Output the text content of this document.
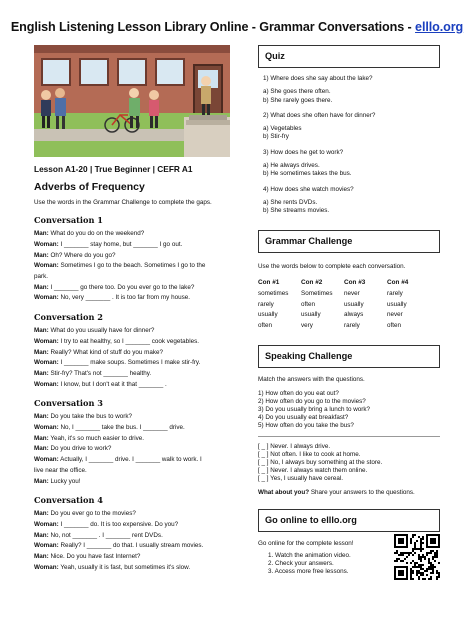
English Listening Lesson Library Online - Grammar Conversations - elllo.org
Lesson A1-20 | True Beginner | CEFR A1
Adverbs of Frequency
Use the words in the Grammar Challenge to complete the gaps.
Conversation 1
Man: What do you do on the weekend?
Woman: I _______ stay home, but _______ I go out.
Man: Oh? Where do you go?
Woman: Sometimes I go to the beach. Sometimes I go to the
park.
Man: I _______ go there too. Do you ever go to the lake?
Woman: No, very _______ . It is too far from my house.
Conversation 2
Man: What do you usually have for dinner?
Woman: I try to eat healthy, so I _______ cook vegetables.
Man: Really? What kind of stuff do you make?
Woman: I _______ make soups. Sometimes I make stir-fry.
Man: Stir-fry? That's not _______ healthy.
Woman: I know, but I don't eat it that _______ .
Conversation 3
Man: Do you take the bus to work?
Woman: No, I _______ take the bus. I _______ drive.
Man: Yeah, it's so much easier to drive.
Man: Do you drive to work?
Woman: Actually, I _______ drive. I _______ walk to work. I
live near the office.
Man: Lucky you!
Conversation 4
Man: Do you ever go to the movies?
Woman: I _______ do. It is too expensive. Do you?
Man: No, not _______ . I _______ rent DVDs.
Woman: Really? I _______ do that. I usually stream movies.
Man: Nice. Do you have fast Internet?
Woman: Yeah, usually it is fast, but sometimes it's slow.
Quiz
1) Where does she say about the lake?
a) She goes there often.
b) She rarely goes there.
2) What does she often have for dinner?
a) Vegetables
b) Stir-fry
3) How does he get to work?
a) He always drives.
b) He sometimes takes the bus.
4) How does she watch movies?
a) She rents DVDs.
b) She streams movies.
Grammar Challenge
Use the words below to complete each conversation.
Con #1	Con #2	Con #3	Con #4
sometimes	Sometimes	never	rarely
rarely	often	usually	usually
usually	usually	always	never
often	very	rarely	often
Speaking Challenge
Match the answers with the questions.
1) How often do you eat out?
2) How often do you go to the movies?
3) Do you usually bring a lunch to work?
4) Do you usually eat breakfast?
5) How often do you take the bus?
[ _ ] Never. I always drive.
[ _ ] Not often. I like to cook at home.
[ _ ] No, I always buy something at the store.
[ _ ] Never. I always watch them online.
[ _ ] Yes, I usually have cereal.
What about you? Share your answers to the questions.
Go online to elllo.org
Go online for the complete lesson!
1. Watch the animation video.
2. Check your answers.
3. Access more free lessons.
